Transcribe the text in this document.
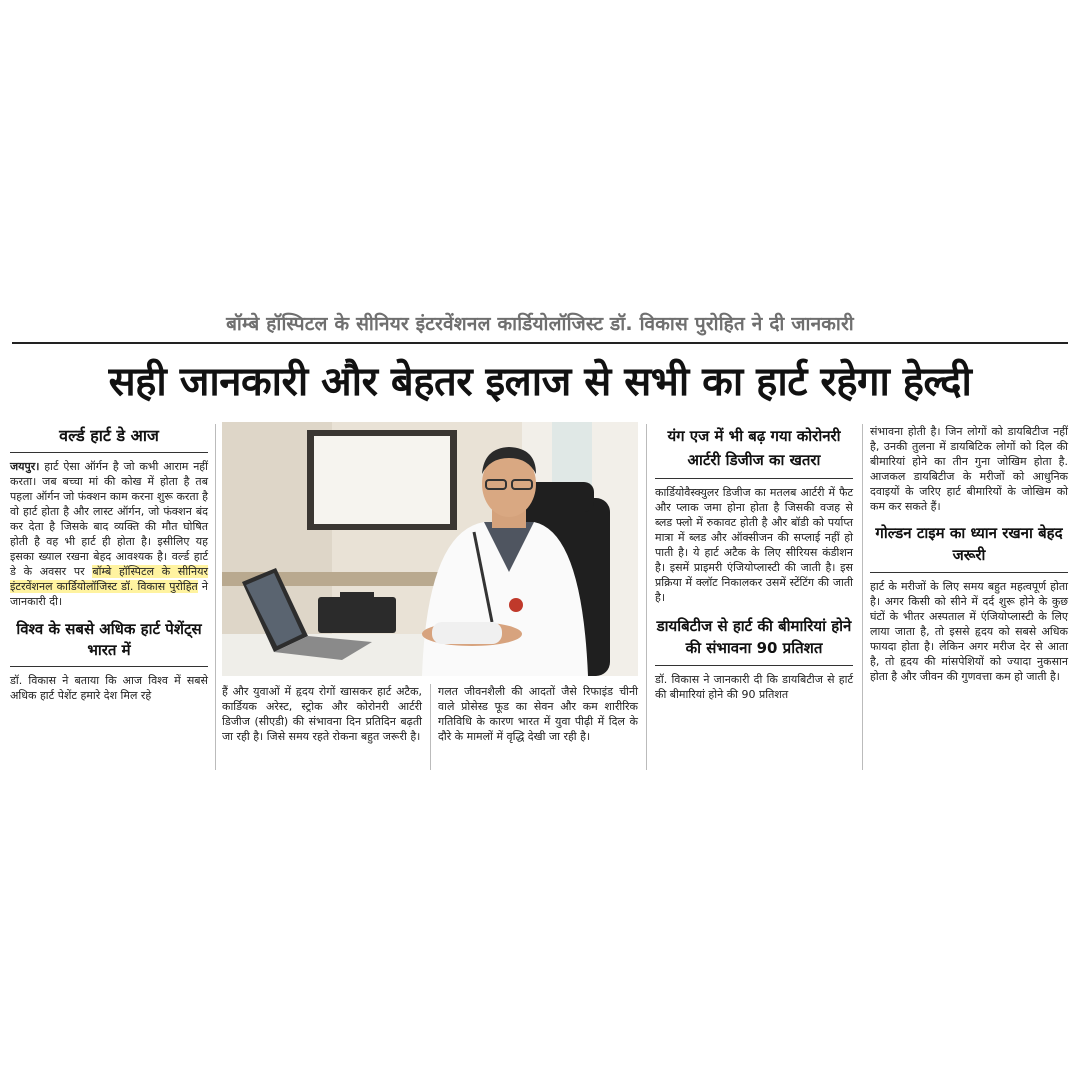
बॉम्बे हॉस्पिटल के सीनियर इंटरवेंशनल कार्डियोलॉजिस्ट डॉ. विकास पुरोहित ने दी जानकारी
सही जानकारी और बेहतर इलाज से सभी का हार्ट रहेगा हेल्दी
वर्ल्ड हार्ट डे आज
जयपुर। हार्ट ऐसा ऑर्गन है जो कभी आराम नहीं करता। जब बच्चा मां की कोख में होता है तब पहला ऑर्गन जो फंक्शन काम करना शुरू करता है वो हार्ट होता है और लास्ट ऑर्गन, जो फंक्शन बंद कर देता है जिसके बाद व्यक्ति की मौत घोषित होती है वह भी हार्ट ही होता है। इसीलिए यह इसका ख्याल रखना बेहद आवश्यक है। वर्ल्ड हार्ट डे के अवसर पर बॉम्बे हॉस्पिटल के सीनियर इंटरवेंशनल कार्डियोलॉजिस्ट डॉ. विकास पुरोहित ने जानकारी दी।
विश्व के सबसे अधिक हार्ट पेशेंट्स भारत में
डॉ. विकास ने बताया कि आज विश्व में सबसे अधिक हार्ट पेशेंट हमारे देश मिल रहे	हैं और युवाओं में हृदय रोगों खासकर हार्ट अटैक, कार्डियक अरेस्ट, स्ट्रोक और कोरोनरी आर्टरी डिजीज (सीएडी) की संभावना दिन प्रतिदिन बढ़ती जा रही है। जिसे समय रहते रोकना बहुत जरूरी है।
गलत जीवनशैली की आदतों जैसे रिफाइंड चीनी वाले प्रोसेस्ड फूड का सेवन और कम शारीरिक गतिविधि के कारण भारत में युवा पीढ़ी में दिल के दौरे के मामलों में वृद्धि देखी जा रही है।
यंग एज में भी बढ़ गया कोरोनरी आर्टरी डिजीज का खतरा
कार्डियोवैस्क्युलर डिजीज का मतलब आर्टरी में फैट और प्लाक जमा होना होता है जिसकी वजह से ब्लड फ्लो में रुकावट होती है और बॉडी को पर्याप्त मात्रा में ब्लड और ऑक्सीजन की सप्लाई नहीं हो पाती है। ये हार्ट अटैक के लिए सीरियस कंडीशन है। इसमें प्राइमरी एंजियोप्लास्टी की जाती है। इस प्रक्रिया में क्लॉट निकालकर उसमें स्टेंटिंग की जाती है।
डायबिटीज से हार्ट की बीमारियां होने की संभावना 90 प्रतिशत
डॉ. विकास ने जानकारी दी कि डायबिटीज से हार्ट की बीमारियां होने की 90 प्रतिशत
संभावना होती है। जिन लोगों को डायबिटीज नहीं है, उनकी तुलना में डायबिटिक लोगों को दिल की बीमारियां होने का तीन गुना जोखिम होता है. आजकल डायबिटीज के मरीजों को आधुनिक दवाइयों के जरिए हार्ट बीमारियों के जोखिम को कम कर सकते हैं।
गोल्डन टाइम का ध्यान रखना बेहद जरूरी
हार्ट के मरीजों के लिए समय बहुत महत्वपूर्ण होता है। अगर किसी को सीने में दर्द शुरू होने के कुछ घंटों के भीतर अस्पताल में एंजियोप्लास्टी के लिए लाया जाता है, तो इससे हृदय को सबसे अधिक फायदा होता है। लेकिन अगर मरीज देर से आता है, तो हृदय की मांसपेशियों को ज्यादा नुकसान होता है और जीवन की गुणवत्ता कम हो जाती है।
